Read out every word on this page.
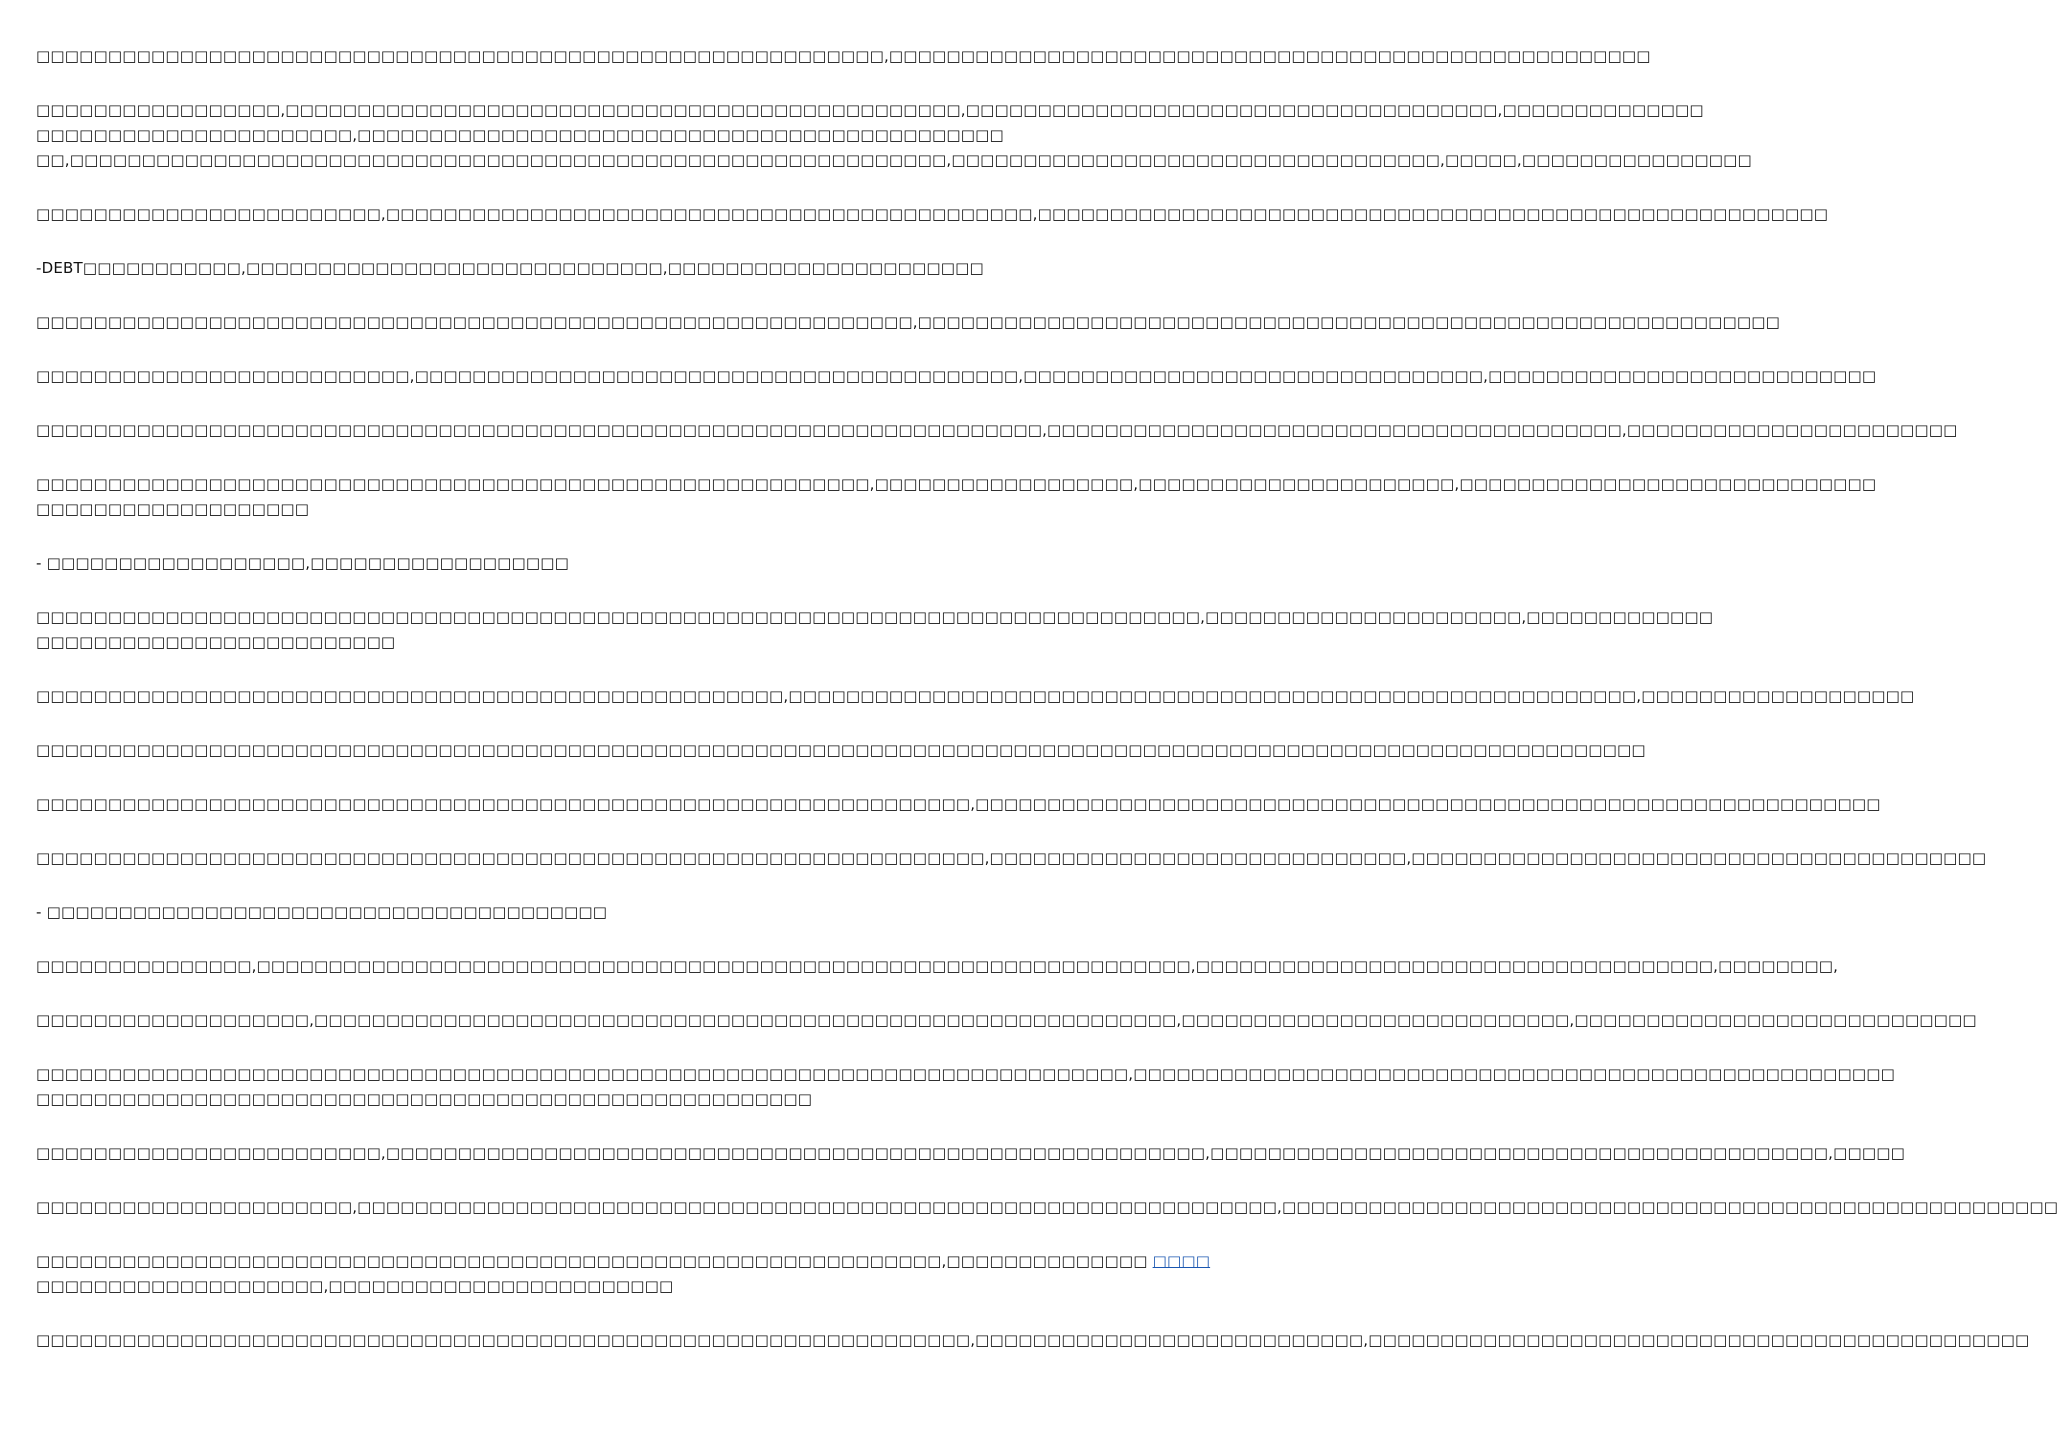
□□□□□□□□□□□□□□□□□□□□□□□□□□□□□□□□□□□□□□□□□□□□□□□□□□□□□□□□□□□,□□□□□□□□□□□□□□□□□□□□□□□□□□□□□□□□□□□□□□□□□□□□□□□□□□□□□

□□□□□□□□□□□□□□□□□,□□□□□□□□□□□□□□□□□□□□□□□□□□□□□□□□□□□□□□□□□□□□□□□,□□□□□□□□□□□□□□□□□□□□□□□□□□□□□□□□□□□□□,□□□□□□□□□□□□□□
□□□□□□□□□□□□□□□□□□□□□□,□□□□□□□□□□□□□□□□□□□□□□□□□□□□□□□□□□□□□□□□□□□□□
□□,□□□□□□□□□□□□□□□□□□□□□□□□□□□□□□□□□□□□□□□□□□□□□□□□□□□□□□□□□□□□□,□□□□□□□□□□□□□□□□□□□□□□□□□□□□□□□□□□,□□□□□,□□□□□□□□□□□□□□□□

□□□□□□□□□□□□□□□□□□□□□□□□,□□□□□□□□□□□□□□□□□□□□□□□□□□□□□□□□□□□□□□□□□□□□□,□□□□□□□□□□□□□□□□□□□□□□□□□□□□□□□□□□□□□□□□□□□□□□□□□□□□□□□

-DEBT□□□□□□□□□□□,□□□□□□□□□□□□□□□□□□□□□□□□□□□□□,□□□□□□□□□□□□□□□□□□□□□□

□□□□□□□□□□□□□□□□□□□□□□□□□□□□□□□□□□□□□□□□□□□□□□□□□□□□□□□□□□□□□,□□□□□□□□□□□□□□□□□□□□□□□□□□□□□□□□□□□□□□□□□□□□□□□□□□□□□□□□□□□□

□□□□□□□□□□□□□□□□□□□□□□□□□□,□□□□□□□□□□□□□□□□□□□□□□□□□□□□□□□□□□□□□□□□□□,□□□□□□□□□□□□□□□□□□□□□□□□□□□□□□□□,□□□□□□□□□□□□□□□□□□□□□□□□□□□

□□□□□□□□□□□□□□□□□□□□□□□□□□□□□□□□□□□□□□□□□□□□□□□□□□□□□□□□□□□□□□□□□□□□□□,□□□□□□□□□□□□□□□□□□□□□□□□□□□□□□□□□□□□□□□□,□□□□□□□□□□□□□□□□□□□□□□□

□□□□□□□□□□□□□□□□□□□□□□□□□□□□□□□□□□□□□□□□□□□□□□□□□□□□□□□□□□,□□□□□□□□□□□□□□□□□□,□□□□□□□□□□□□□□□□□□□□□□,□□□□□□□□□□□□□□□□□□□□□□□□□□□□□
□□□□□□□□□□□□□□□□□□□

- □□□□□□□□□□□□□□□□□□,□□□□□□□□□□□□□□□□□□

□□□□□□□□□□□□□□□□□□□□□□□□□□□□□□□□□□□□□□□□□□□□□□□□□□□□□□□□□□□□□□□□□□□□□□□□□□□□□□□□□,□□□□□□□□□□□□□□□□□□□□□□,□□□□□□□□□□□□□
□□□□□□□□□□□□□□□□□□□□□□□□□

□□□□□□□□□□□□□□□□□□□□□□□□□□□□□□□□□□□□□□□□□□□□□□□□□□□□,□□□□□□□□□□□□□□□□□□□□□□□□□□□□□□□□□□□□□□□□□□□□□□□□□□□□□□□□□□□,□□□□□□□□□□□□□□□□□□□

□□□□□□□□□□□□□□□□□□□□□□□□□□□□□□□□□□□□□□□□□□□□□□□□□□□□□□□□□□□□□□□□□□□□□□□□□□□□□□□□□□□□□□□□□□□□□□□□□□□□□□□□□□□□□□□□

□□□□□□□□□□□□□□□□□□□□□□□□□□□□□□□□□□□□□□□□□□□□□□□□□□□□□□□□□□□□□□□□□,□□□□□□□□□□□□□□□□□□□□□□□□□□□□□□□□□□□□□□□□□□□□□□□□□□□□□□□□□□□□□□□

□□□□□□□□□□□□□□□□□□□□□□□□□□□□□□□□□□□□□□□□□□□□□□□□□□□□□□□□□□□□□□□□□□,□□□□□□□□□□□□□□□□□□□□□□□□□□□□□,□□□□□□□□□□□□□□□□□□□□□□□□□□□□□□□□□□□□□□□□

- □□□□□□□□□□□□□□□□□□□□□□□□□□□□□□□□□□□□□□□

□□□□□□□□□□□□□□□,□□□□□□□□□□□□□□□□□□□□□□□□□□□□□□□□□□□□□□□□□□□□□□□□□□□□□□□□□□□□□□□□□,□□□□□□□□□□□□□□□□□□□□□□□□□□□□□□□□□□□□,□□□□□□□□,

□□□□□□□□□□□□□□□□□□□,□□□□□□□□□□□□□□□□□□□□□□□□□□□□□□□□□□□□□□□□□□□□□□□□□□□□□□□□□□□□,□□□□□□□□□□□□□□□□□□□□□□□□□□□,□□□□□□□□□□□□□□□□□□□□□□□□□□□□

□□□□□□□□□□□□□□□□□□□□□□□□□□□□□□□□□□□□□□□□□□□□□□□□□□□□□□□□□□□□□□□□□□□□□□□□□□□□,□□□□□□□□□□□□□□□□□□□□□□□□□□□□□□□□□□□□□□□□□□□□□□□□□□□□□
□□□□□□□□□□□□□□□□□□□□□□□□□□□□□□□□□□□□□□□□□□□□□□□□□□□□□□

□□□□□□□□□□□□□□□□□□□□□□□□,□□□□□□□□□□□□□□□□□□□□□□□□□□□□□□□□□□□□□□□□□□□□□□□□□□□□□□□□□,□□□□□□□□□□□□□□□□□□□□□□□□□□□□□□□□□□□□□□□□□□□,□□□□□

□□□□□□□□□□□□□□□□□□□□□□,□□□□□□□□□□□□□□□□□□□□□□□□□□□□□□□□□□□□□□□□□□□□□□□□□□□□□□□□□□□□□□□□,□□□□□□□□□□□□□□□□□□□□□□□□□□□□□□□□□□□□□□□□□□□□□□□□□□□□□□

□□□□□□□□□□□□□□□□□□□□□□□□□□□□□□□□□□□□□□□□□□□□□□□□□□□□□□□□□□□□□□□,□□□□□□□□□□□□□□ □□□□
□□□□□□□□□□□□□□□□□□□□,□□□□□□□□□□□□□□□□□□□□□□□□

□□□□□□□□□□□□□□□□□□□□□□□□□□□□□□□□□□□□□□□□□□□□□□□□□□□□□□□□□□□□□□□□□,□□□□□□□□□□□□□□□□□□□□□□□□□□□,□□□□□□□□□□□□□□□□□□□□□□□□□□□□□□□□□□□□□□□□□□□□□□
